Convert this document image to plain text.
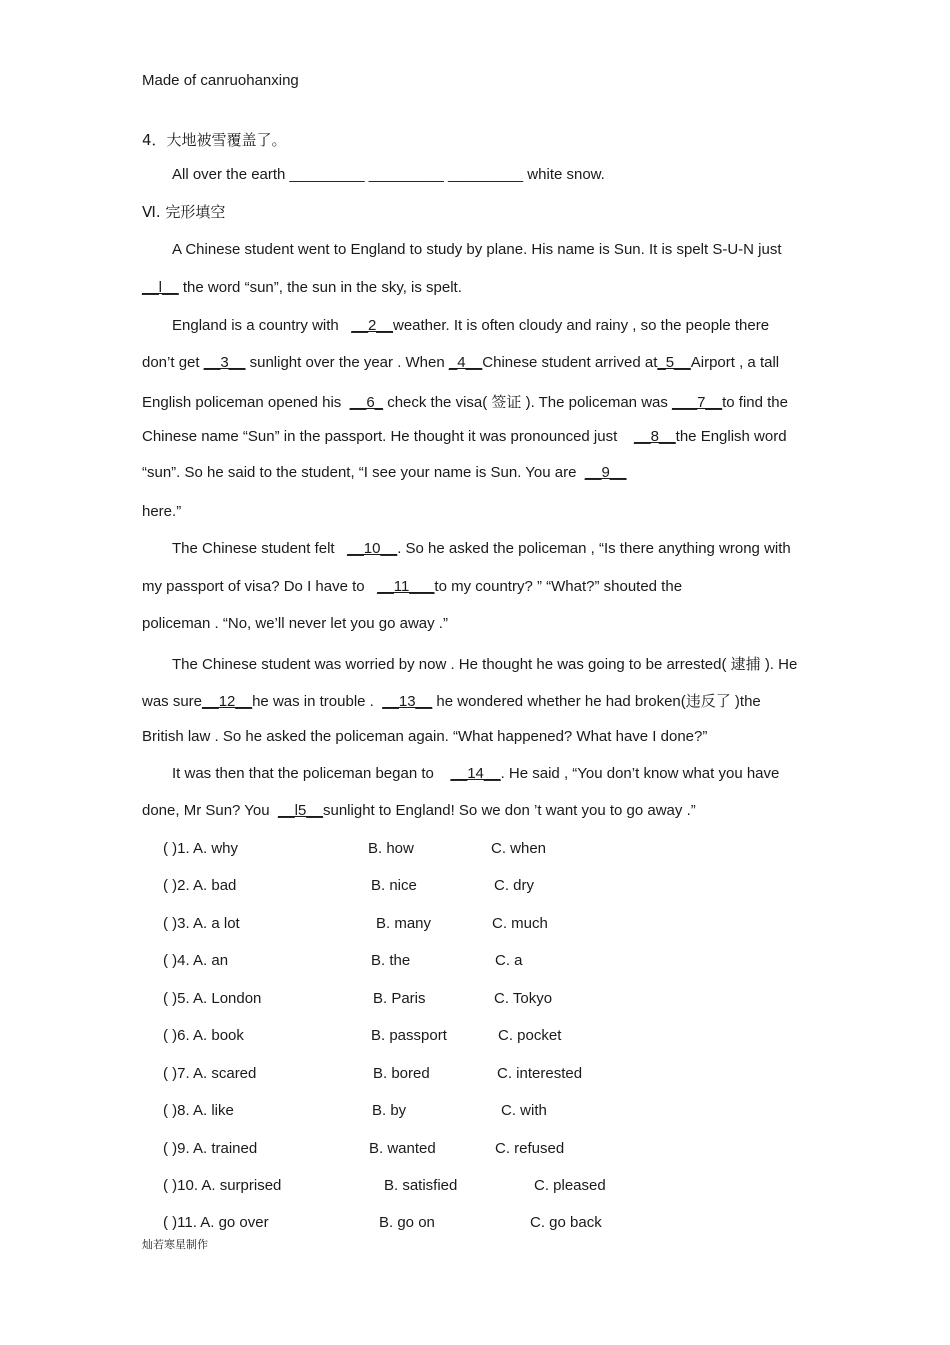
Made of canruohanxing
4．大地被雪覆盖了。
All over the earth _________ _________ _________ white snow.
Ⅵ. 完形填空
A Chinese student went to England to study by plane. His name is Sun. It is spelt S-U-N just
__l__ the word “sun”, the sun in the sky, is spelt.
England is a country with __2__weather. It is often cloudy and rainy , so the people there
don’t get __3__ sunlight over the year . When _4__Chinese student arrived at_5__Airport , a tall
English policeman opened his __6_ check the visa( 签证 ). The policeman was ___7__to find the
Chinese name “Sun” in the passport. He thought it was pronounced just __8__the English word
“sun”. So he said to the student, “I see your name is Sun. You are __9__
here.”
The Chinese student felt __10__. So he asked the policeman , “Is there anything wrong with
my passport of visa? Do I have to __11___to my country? ” “What?” shouted the
policeman . “No, we’ll never let you go away .”
The Chinese student was worried by now . He thought he was going to be arrested( 逮捕 ). He
was sure__12__he was in trouble . __13__ he wondered whether he had broken(违反了 )the
British law . So he asked the policeman again. “What happened? What have I done?”
It was then that the policeman began to __14__. He said , “You don’t know what you have
done, Mr Sun? You __l5__sunlight to England! So we don ’t want you to go away .”
( )1. A. why	B. how	C. when
( )2. A. bad	B. nice	C. dry
( )3. A. a lot	B. many	C. much
( )4. A. an	B. the	C. a
( )5. A. London	B. Paris	C. Tokyo
( )6. A. book	B. passport	C. pocket
( )7. A. scared	B. bored	C. interested
( )8. A. like	B. by	C. with
( )9. A. trained	B. wanted	C. refused
( )10. A. surprised	B. satisfied	C. pleased
( )11. A. go over	B. go on	C. go back
灿若寒星制作
